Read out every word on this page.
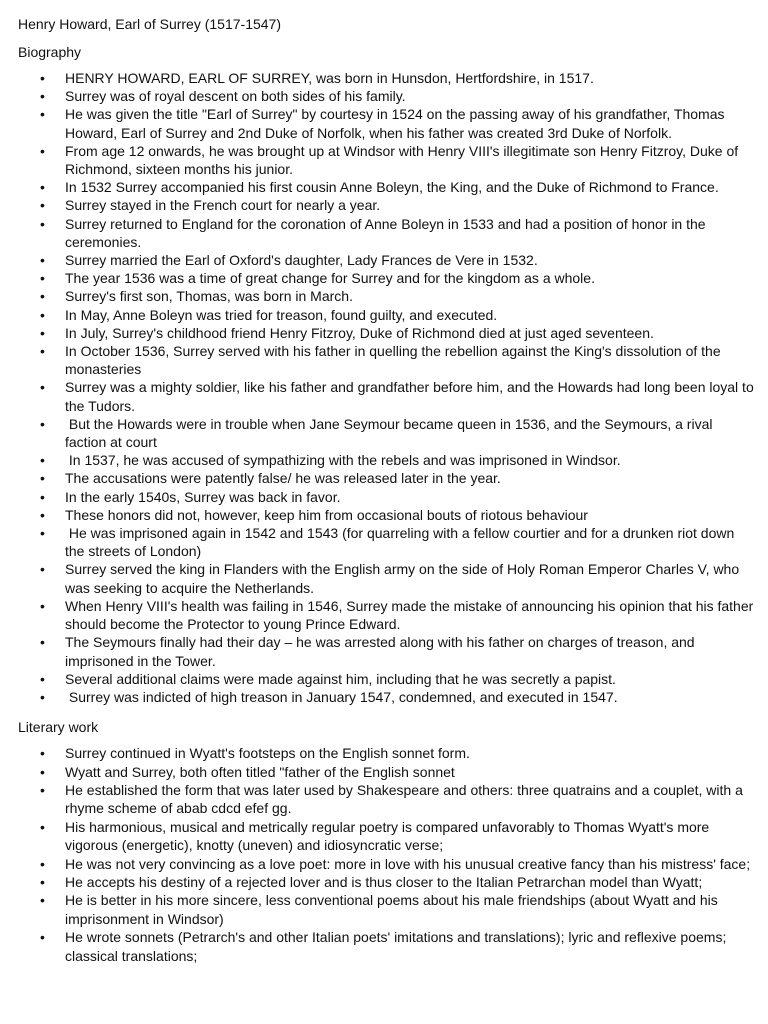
Henry Howard, Earl of Surrey (1517-1547)
Biography
• HENRY HOWARD, EARL OF SURREY, was born in Hunsdon, Hertfordshire, in 1517.
• Surrey was of royal descent on both sides of his family.
• He was given the title "Earl of Surrey" by courtesy in 1524 on the passing away of his grandfather, Thomas Howard, Earl of Surrey and 2nd Duke of Norfolk, when his father was created 3rd Duke of Norfolk.
• From age 12 onwards, he was brought up at Windsor with Henry VIII's illegitimate son Henry Fitzroy, Duke of Richmond, sixteen months his junior.
• In 1532 Surrey accompanied his first cousin Anne Boleyn, the King, and the Duke of Richmond to France.
• Surrey stayed in the French court for nearly a year.
• Surrey returned to England for the coronation of Anne Boleyn in 1533 and had a position of honor in the ceremonies.
• Surrey married the Earl of Oxford's daughter, Lady Frances de Vere in 1532.
• The year 1536 was a time of great change for Surrey and for the kingdom as a whole.
• Surrey's first son, Thomas, was born in March.
• In May, Anne Boleyn was tried for treason, found guilty, and executed.
• In July, Surrey's childhood friend Henry Fitzroy, Duke of Richmond died at just aged seventeen.
• In October 1536, Surrey served with his father in quelling the rebellion against the King's dissolution of the monasteries
• Surrey was a mighty soldier, like his father and grandfather before him, and the Howards had long been loyal to the Tudors.
•  But the Howards were in trouble when Jane Seymour became queen in 1536, and the Seymours, a rival faction at court
•  In 1537, he was accused of sympathizing with the rebels and was imprisoned in Windsor.
• The accusations were patently false/ he was released later in the year.
• In the early 1540s, Surrey was back in favor.
• These honors did not, however, keep him from occasional bouts of riotous behaviour
•  He was imprisoned again in 1542 and 1543 (for quarreling with a fellow courtier and for a drunken riot down the streets of London)
• Surrey served the king in Flanders with the English army on the side of Holy Roman Emperor Charles V, who was seeking to acquire the Netherlands.
• When Henry VIII's health was failing in 1546, Surrey made the mistake of announcing his opinion that his father should become the Protector to young Prince Edward.
• The Seymours finally had their day – he was arrested along with his father on charges of treason, and imprisoned in the Tower.
• Several additional claims were made against him, including that he was secretly a papist.
•  Surrey was indicted of high treason in January 1547, condemned, and executed in 1547.
Literary work
• Surrey continued in Wyatt's footsteps on the English sonnet form.
• Wyatt and Surrey, both often titled "father of the English sonnet
• He established the form that was later used by Shakespeare and others: three quatrains and a couplet, with a rhyme scheme of abab cdcd efef gg.
• His harmonious, musical and metrically regular poetry is compared unfavorably to Thomas Wyatt's more vigorous (energetic), knotty (uneven) and idiosyncratic verse;
• He was not very convincing as a love poet: more in love with his unusual creative fancy than his mistress' face;
• He accepts his destiny of a rejected lover and is thus closer to the Italian Petrarchan model than Wyatt;
• He is better in his more sincere, less conventional poems about his male friendships (about Wyatt and his imprisonment in Windsor)
• He wrote sonnets (Petrarch's and other Italian poets' imitations and translations); lyric and reflexive poems; classical translations;
